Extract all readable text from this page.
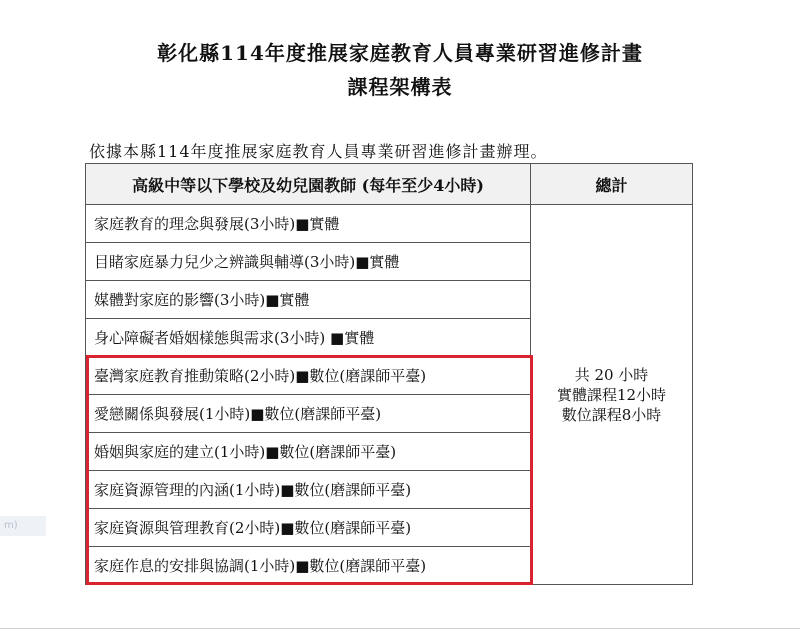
彰化縣114年度推展家庭教育人員專業研習進修計畫
課程架構表
依據本縣114年度推展家庭教育人員專業研習進修計畫辦理。
高級中等以下學校及幼兒園教師 (每年至少4小時)	總計
家庭教育的理念與發展(3小時)■實體	共 20 小時
實體課程12小時
數位課程8小時

目睹家庭暴力兒少之辨識與輔導(3小時)■實體	
媒體對家庭的影響(3小時)■實體	
身心障礙者婚姻樣態與需求(3小時) ■實體	
臺灣家庭教育推動策略(2小時)■數位(磨課師平臺)	
愛戀關係與發展(1小時)■數位(磨課師平臺)	
婚姻與家庭的建立(1小時)■數位(磨課師平臺)	
家庭資源管理的內涵(1小時)■數位(磨課師平臺)	
家庭資源與管理教育(2小時)■數位(磨課師平臺)	
家庭作息的安排與協調(1小時)■數位(磨課師平臺)	
m)
